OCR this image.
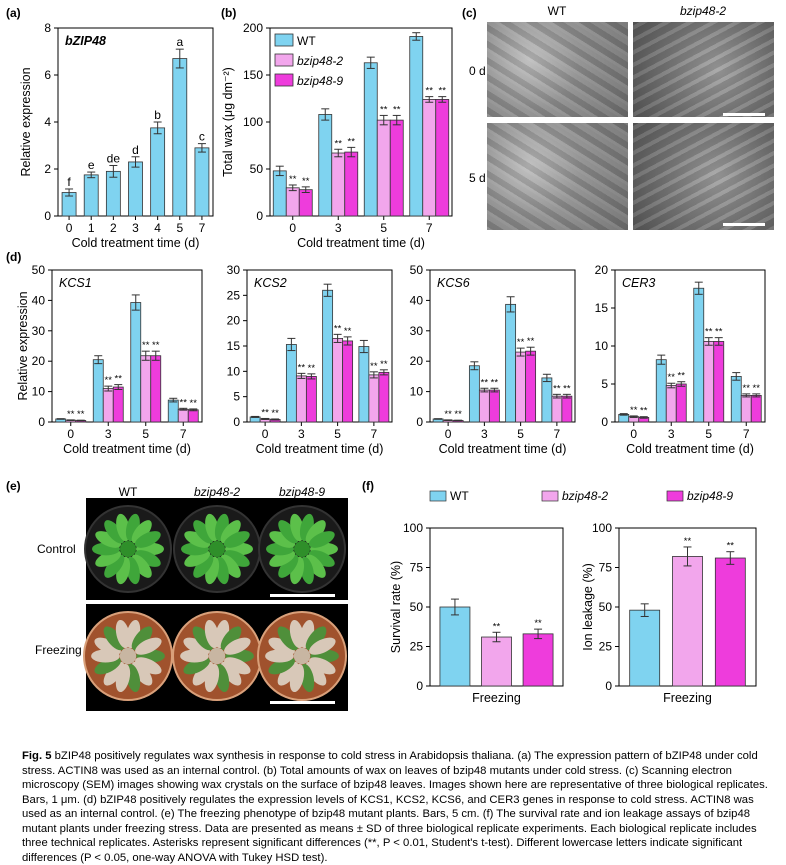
(a)	(b)	(c)
(d)
(e)	(f)
WT	bzip48-2
0 d
5 d
WT	bzip48-2	bzip48-9
Control
Freezing
WT	bzip48-2	bzip48-9
0
2
4
6
8
bZIP48
Relative expression
Cold treatment time (d)
0
f
1
e
2
de
3
d
4
b
5
a
7
c
0
50
100
150
200
Total wax (μg dm⁻²)
Cold treatment time (d)
0
** **
3
** **
5
** **
7
** **
WT
bzip48-2
bzip48-9
0
10
20
30
40
50
KCS1
Relative expression
Cold treatment time (d)
0
** **
3
** **
5
** **
7
** **
0
5
10
15
20
25
30
KCS2
Cold treatment time (d)
0
** **
3
** **
5
** **
7
** **
0
10
20
30
40
50
KCS6
Cold treatment time (d)
0
** **
3
** **
5
** **
7
** **
0
5
10
15
20
CER3
Cold treatment time (d)
0
** **
3
** **
5
** **
7
** **
0
25
50
75
100
Survival rate (%)
Freezing
**	**
0
25
50
75
100
Ion leakage (%)
Freezing
**	**

Fig. 5 bZIP48 positively regulates wax synthesis in response to cold stress in Arabidopsis thaliana. (a) The expression pattern of bZIP48 under cold stress. ACTIN8 was used as an internal control. (b) Total amounts of wax on leaves of bzip48 mutants under cold stress. (c) Scanning electron microscopy (SEM) images showing wax crystals on the surface of bzip48 leaves. Images shown here are representative of three biological replicates. Bars, 1 μm. (d) bZIP48 positively regulates the expression levels of KCS1, KCS2, KCS6, and CER3 genes in response to cold stress. ACTIN8 was used as an internal control. (e) The freezing phenotype of bzip48 mutant plants. Bars, 5 cm. (f) The survival rate and ion leakage assays of bzip48 mutant plants under freezing stress. Data are presented as means ± SD of three biological replicate experiments. Each biological replicate includes three technical replicates. Asterisks represent significant differences (**, P < 0.01, Student's t-test). Different lowercase letters indicate significant differences (P < 0.05, one-way ANOVA with Tukey HSD test).
